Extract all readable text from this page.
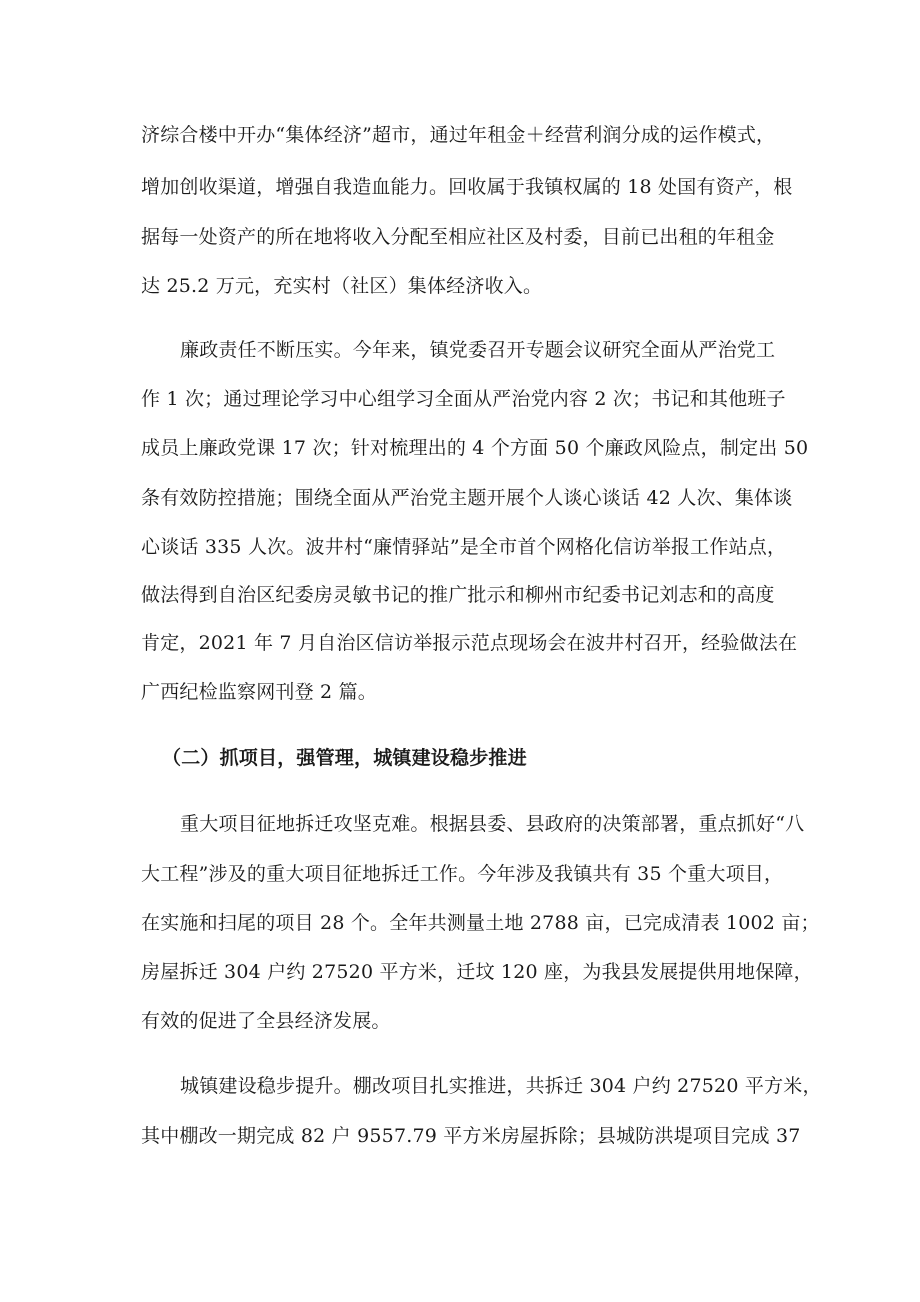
济综合楼中开办“集体经济”超市，通过年租金＋经营利润分成的运作模式，
增加创收渠道，增强自我造血能力。回收属于我镇权属的 18 处国有资产，根
据每一处资产的所在地将收入分配至相应社区及村委，目前已出租的年租金
达 25.2 万元，充实村（社区）集体经济收入。
廉政责任不断压实。今年来，镇党委召开专题会议研究全面从严治党工
作 1 次；通过理论学习中心组学习全面从严治党内容 2 次；书记和其他班子
成员上廉政党课 17 次；针对梳理出的 4 个方面 50 个廉政风险点，制定出 50
条有效防控措施；围绕全面从严治党主题开展个人谈心谈话 42 人次、集体谈
心谈话 335 人次。波井村“廉情驿站”是全市首个网格化信访举报工作站点，
做法得到自治区纪委房灵敏书记的推广批示和柳州市纪委书记刘志和的高度
肯定，2021 年 7 月自治区信访举报示范点现场会在波井村召开，经验做法在
广西纪检监察网刊登 2 篇。
（二）抓项目，强管理，城镇建设稳步推进
重大项目征地拆迁攻坚克难。根据县委、县政府的决策部署，重点抓好“八
大工程”涉及的重大项目征地拆迁工作。今年涉及我镇共有 35 个重大项目，
在实施和扫尾的项目 28 个。全年共测量土地 2788 亩，已完成清表 1002 亩；
房屋拆迁 304 户约 27520 平方米，迁坟 120 座，为我县发展提供用地保障，
有效的促进了全县经济发展。
城镇建设稳步提升。棚改项目扎实推进，共拆迁 304 户约 27520 平方米，
其中棚改一期完成 82 户 9557.79 平方米房屋拆除；县城防洪堤项目完成 37
